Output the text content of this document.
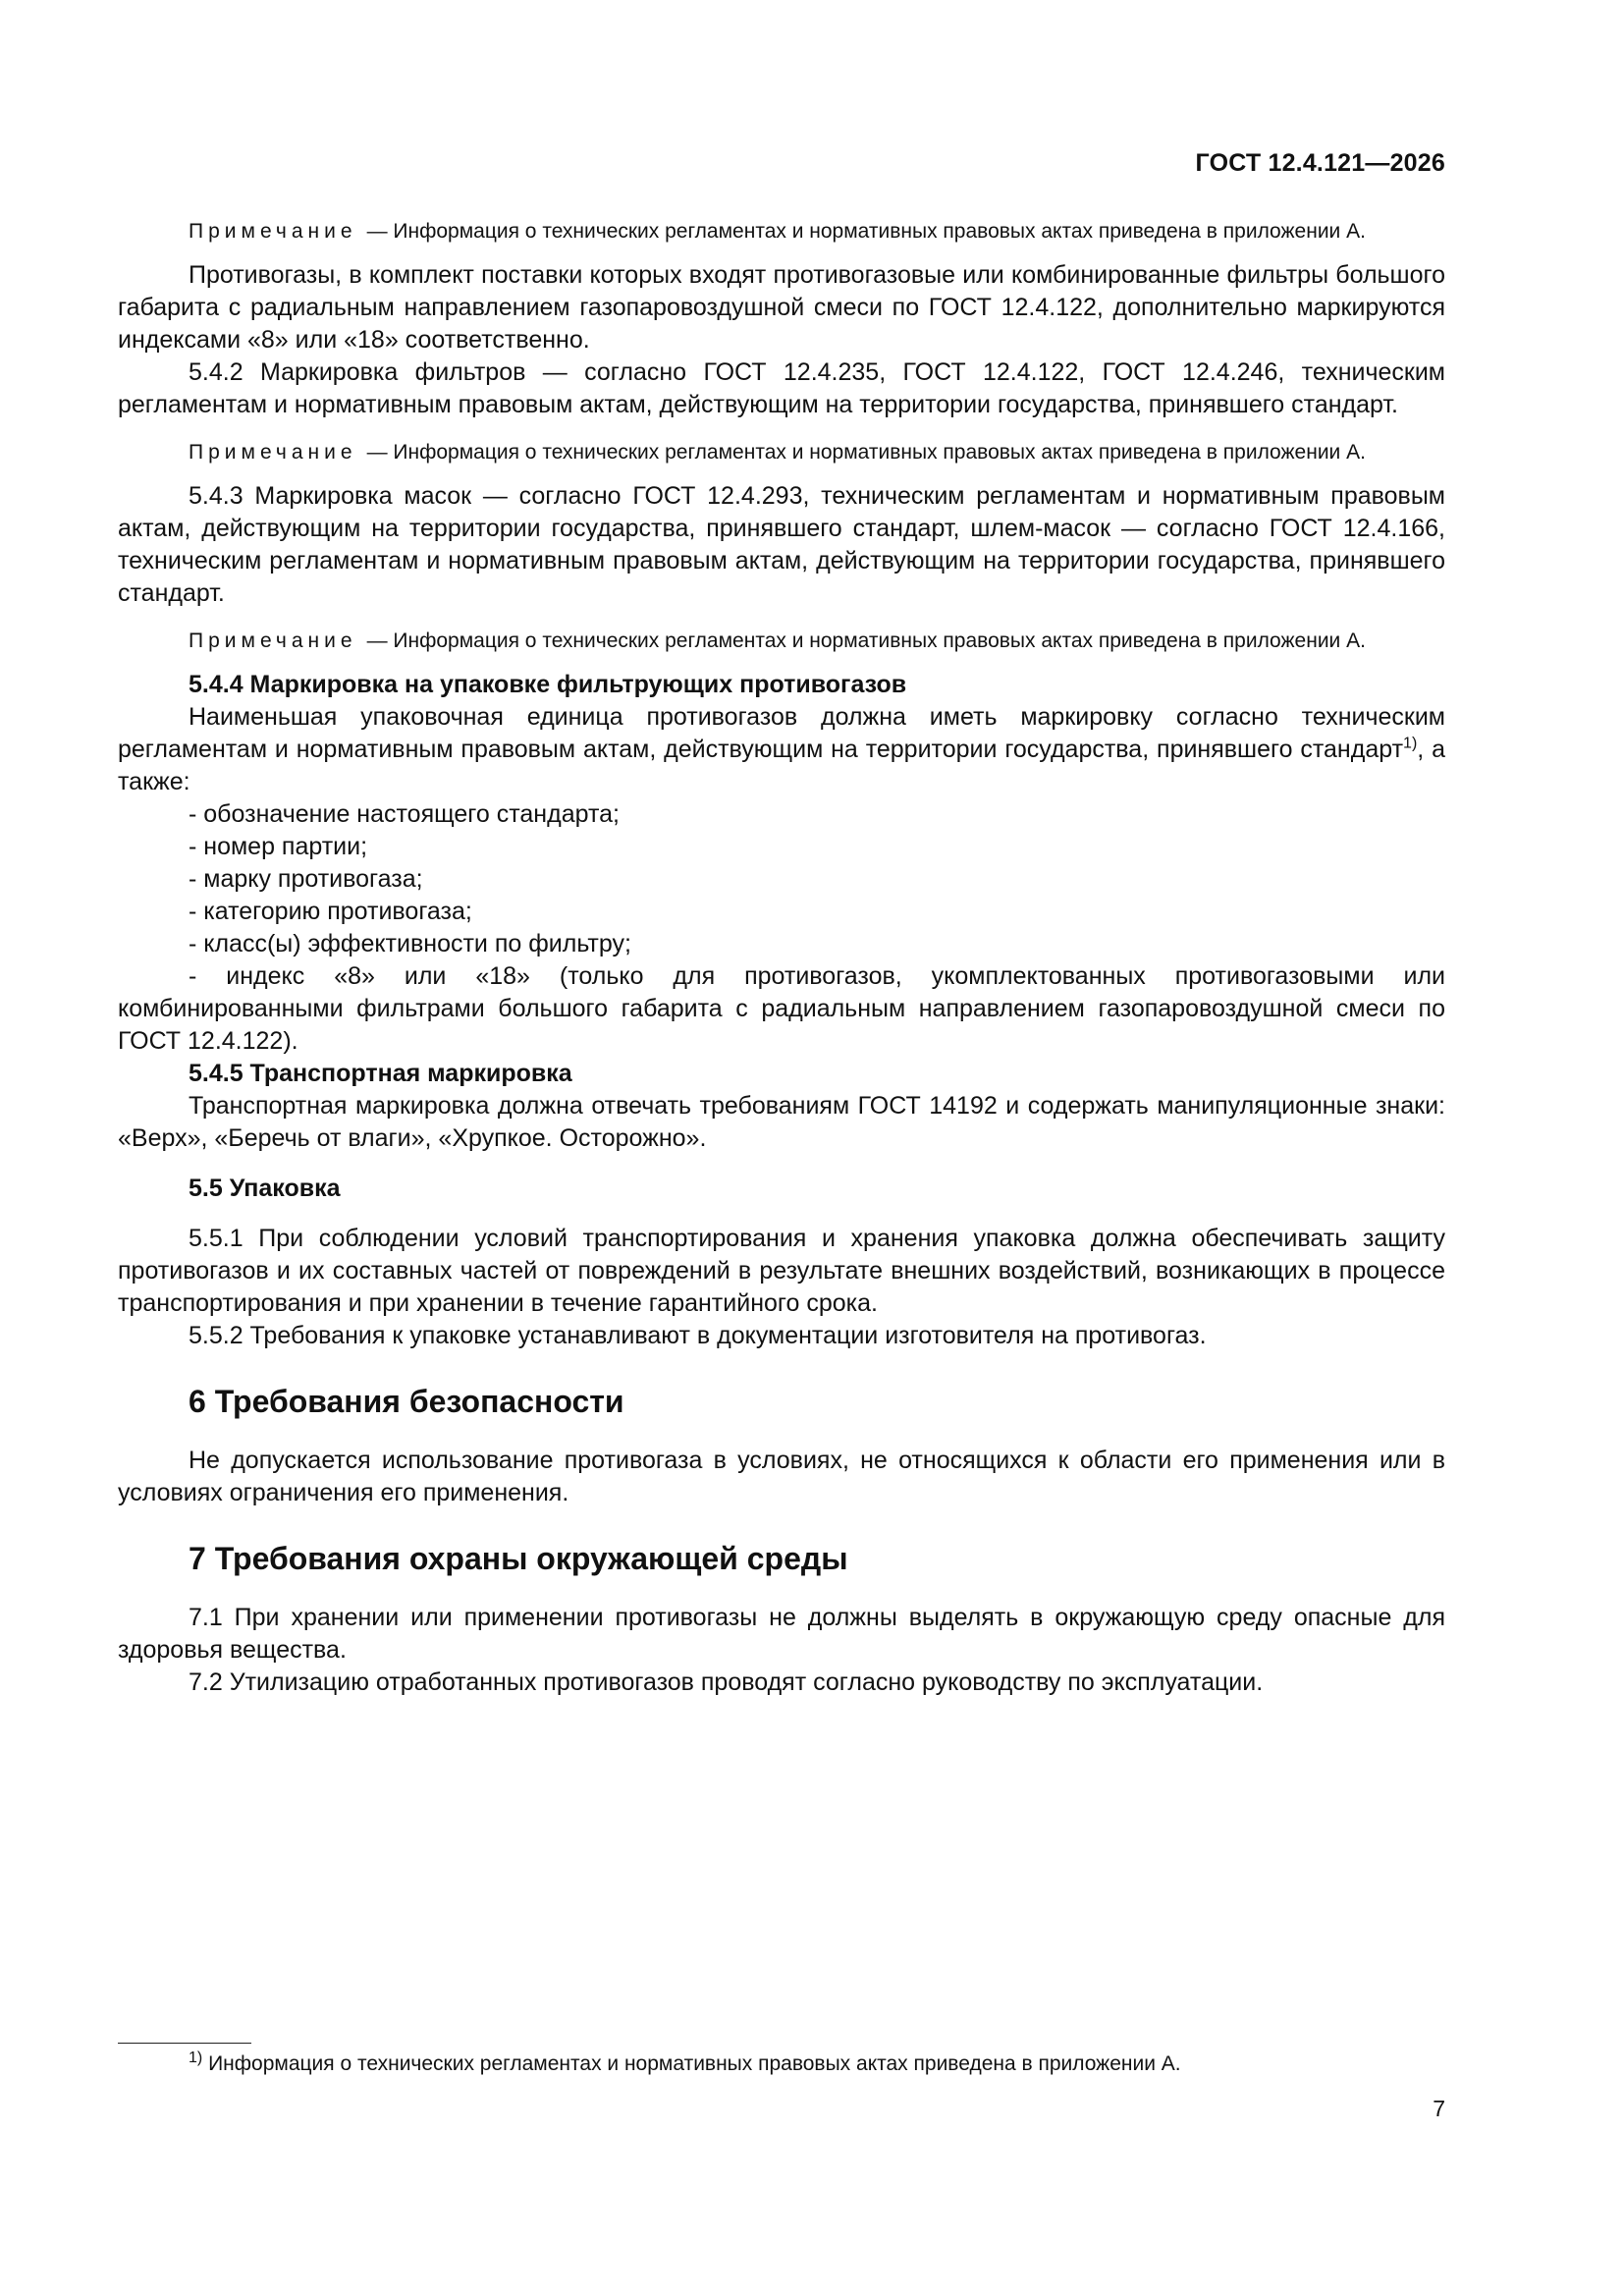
ГОСТ 12.4.121—2026

Примечание — Информация о технических регламентах и нормативных правовых актах приведена в приложении А.

Противогазы, в комплект поставки которых входят противогазовые или комбинированные фильтры большого габарита с радиальным направлением газопаровоздушной смеси по ГОСТ 12.4.122, дополнительно маркируются индексами «8» или «18» соответственно.

5.4.2 Маркировка фильтров — согласно ГОСТ 12.4.235, ГОСТ 12.4.122, ГОСТ 12.4.246, техническим регламентам и нормативным правовым актам, действующим на территории государства, принявшего стандарт.

Примечание — Информация о технических регламентах и нормативных правовых актах приведена в приложении А.

5.4.3 Маркировка масок — согласно ГОСТ 12.4.293, техническим регламентам и нормативным правовым актам, действующим на территории государства, принявшего стандарт, шлем-масок — согласно ГОСТ 12.4.166, техническим регламентам и нормативным правовым актам, действующим на территории государства, принявшего стандарт.

Примечание — Информация о технических регламентах и нормативных правовых актах приведена в приложении А.

5.4.4 Маркировка на упаковке фильтрующих противогазов

Наименьшая упаковочная единица противогазов должна иметь маркировку согласно техническим регламентам и нормативным правовым актам, действующим на территории государства, принявшего стандарт$^{1)}$, а также:

- обозначение настоящего стандарта;
- номер партии;
- марку противогаза;
- категорию противогаза;
- класс(ы) эффективности по фильтру;
- индекс «8» или «18» (только для противогазов, укомплектованных противогазовыми или комбинированными фильтрами большого габарита с радиальным направлением газопаровоздушной смеси по ГОСТ 12.4.122).
5.4.5 Транспортная маркировка

Транспортная маркировка должна отвечать требованиям ГОСТ 14192 и содержать манипуляционные знаки: «Верх», «Беречь от влаги», «Хрупкое. Осторожно».

5.5 Упаковка

5.5.1 При соблюдении условий транспортирования и хранения упаковка должна обеспечивать защиту противогазов и их составных частей от повреждений в результате внешних воздействий, возникающих в процессе транспортирования и при хранении в течение гарантийного срока.

5.5.2 Требования к упаковке устанавливают в документации изготовителя на противогаз.

6 Требования безопасности

Не допускается использование противогаза в условиях, не относящихся к области его применения или в условиях ограничения его применения.

7 Требования охраны окружающей среды

7.1 При хранении или применении противогазы не должны выделять в окружающую среду опасные для здоровья вещества.

7.2 Утилизацию отработанных противогазов проводят согласно руководству по эксплуатации.

$^{1)}$ Информация о технических регламентах и нормативных правовых актах приведена в приложении А.
7
